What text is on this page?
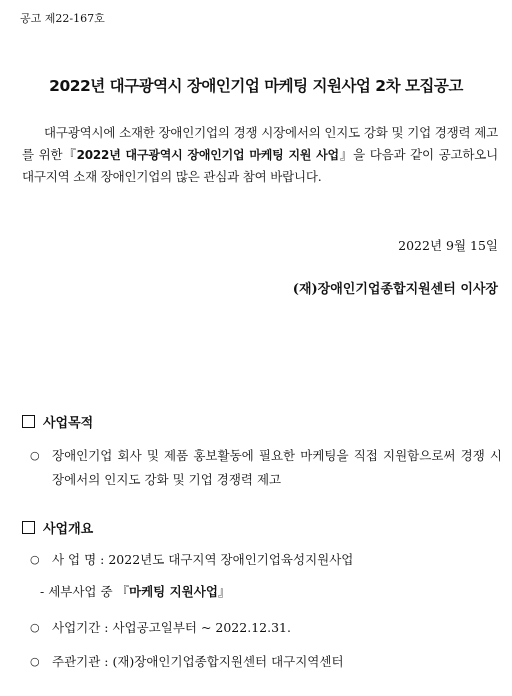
공고 제22-167호
2022년 대구광역시 장애인기업 마케팅 지원사업 2차 모집공고
대구광역시에 소재한 장애인기업의 경쟁 시장에서의 인지도 강화 및 기업 경쟁력 제고를 위한『2022년 대구광역시 장애인기업 마케팅 지원 사업』을 다음과 같이 공고하오니 대구지역 소재 장애인기업의 많은 관심과 참여 바랍니다.
2022년 9월 15일
(재)장애인기업종합지원센터 이사장
사업목적
○ 장애인기업 회사 및 제품 홍보활동에 필요한 마케팅을 직접 지원함으로써 경쟁 시장에서의 인지도 강화 및 기업 경쟁력 제고
사업개요
○ 사 업 명 : 2022년도 대구지역 장애인기업육성지원사업
- 세부사업 중 『마케팅 지원사업』
○ 사업기간 : 사업공고일부터 ~ 2022.12.31.
○ 주관기관 : (재)장애인기업종합지원센터 대구지역센터
